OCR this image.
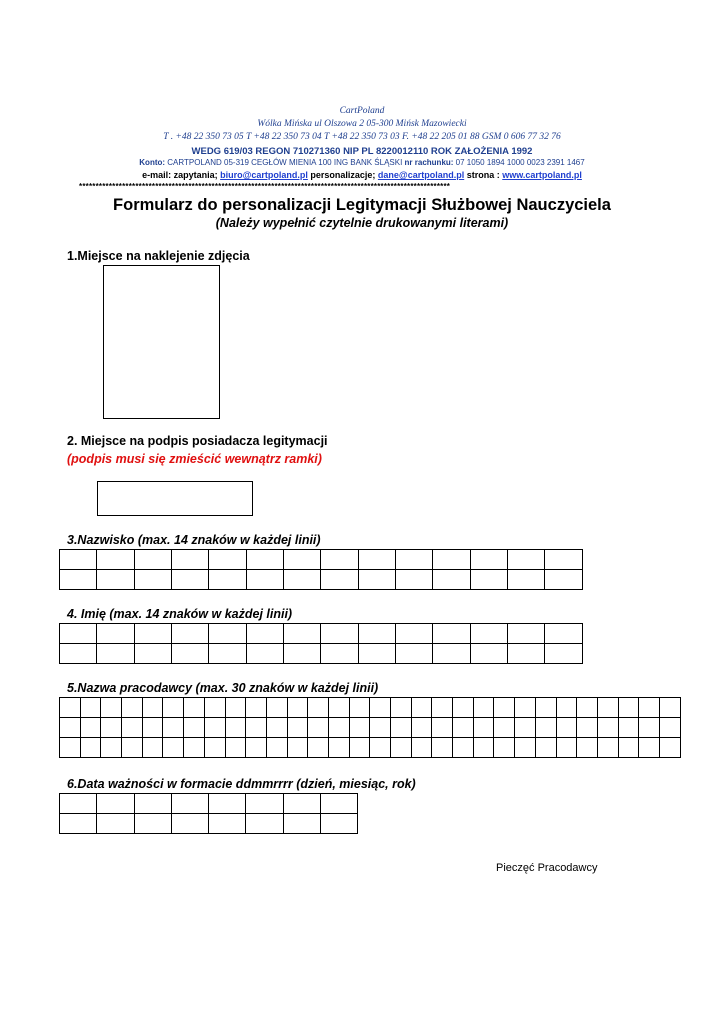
CartPoland
Wólka Mińska ul Olszowa 2 05-300 Mińsk Mazowiecki
T . +48 22 350 73 05 T +48 22 350 73 04 T +48 22 350 73 03 F. +48 22 205 01 88 GSM 0 606 77 32 76
WEDG 619/03 REGON 710271360 NIP PL 8220012110 ROK ZAŁOŻENIA 1992
Konto: CARTPOLAND 05-319 CEGŁÓW MIENIA 100 ING BANK ŚLĄSKI nr rachunku: 07 1050 1894 1000 0023 2391 1467
e-mail: zapytania; biuro@cartpoland.pl personalizacje; dane@cartpoland.pl strona : www.cartpoland.pl
****************************************************************************************************************
Formularz do personalizacji Legitymacji Służbowej Nauczyciela
(Należy wypełnić czytelnie drukowanymi literami)
1.Miejsce na naklejenie zdjęcia
2. Miejsce na podpis posiadacza legitymacji
(podpis musi się zmieścić wewnątrz ramki)
3.Nazwisko (max. 14 znaków w każdej linii)

4. Imię (max. 14 znaków w każdej linii)

5.Nazwa pracodawcy (max. 30 znaków w każdej linii)

6.Data ważności w formacie ddmmrrrr (dzień, miesiąc, rok)

Pieczęć Pracodawcy
